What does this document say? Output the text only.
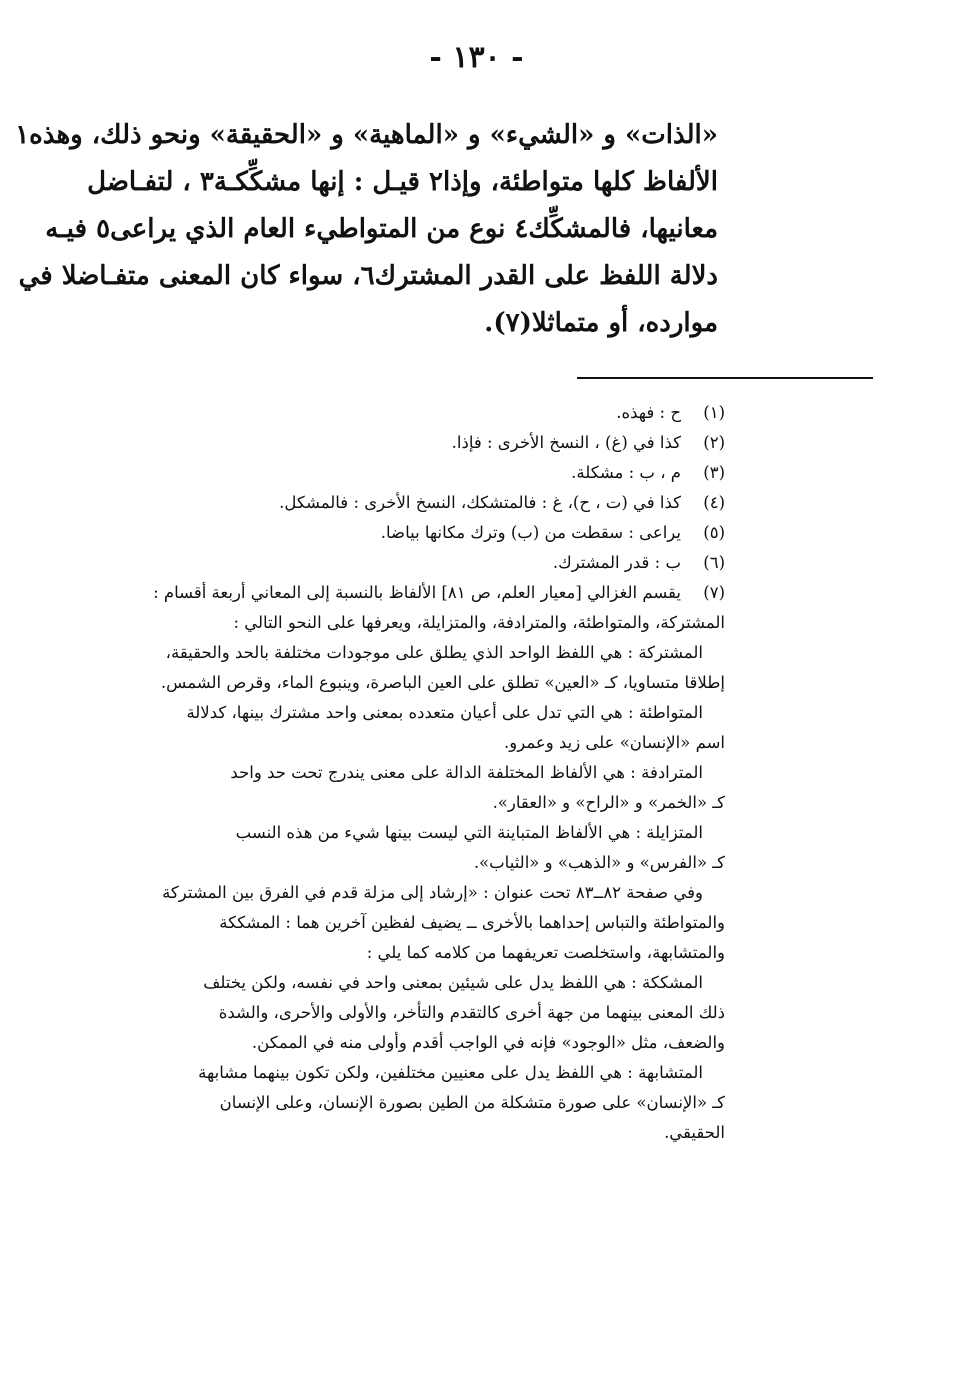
- ١٣٠ -
«الذات» و «الشيء» و «الماهية» و «الحقيقة» ونحو ذلك، وهذه١
الألفاظ كلها متواطئة، وإذا٢ قيـل : إنها مشكِّكـة٣ ، لتفـاضل
معانيها، فالمشكِّك٤ نوع من المتواطيء العام الذي يراعى٥ فيـه
دلالة اللفظ على القدر المشترك٦، سواء كان المعنى متفـاضلا في
موارده، أو متماثلا(٧).
(١)ح : فهذه.
(٢)كذا في (غ) ، النسخ الأخرى : فإذا.
(٣)م ، ب : مشكلة.
(٤)كذا في (ت ، ح)، غ : فالمتشكك، النسخ الأخرى : فالمشكل.
(٥)يراعى : سقطت من (ب) وترك مكانها بياضا.
(٦)ب : قدر المشترك.
(٧)يقسم الغزالي [معيار العلم، ص ٨١] الألفاظ بالنسبة إلى المعاني أربعة أقسام :
المشتركة، والمتواطئة، والمترادفة، والمتزايلة، ويعرفها على النحو التالي :
المشتركة : هي اللفظ الواحد الذي يطلق على موجودات مختلفة بالحد والحقيقة،
إطلاقا متساويا، كـ «العين» تطلق على العين الباصرة، وينبوع الماء، وقرص الشمس.
المتواطئة : هي التي تدل على أعيان متعدده بمعنى واحد مشترك بينها، كدلالة
اسم «الإنسان» على زيد وعمرو.
المترادفة : هي الألفاظ المختلفة الدالة على معنى يندرج تحت حد واحد
كـ «الخمر» و «الراح» و «العقار».
المتزايلة : هي الألفاظ المتباينة التي ليست بينها شيء من هذه النسب
كـ «الفرس» و «الذهب» و «الثياب».
وفي صفحة ٨٢ــ٨٣ تحت عنوان : «إرشاد إلى مزلة قدم في الفرق بين المشتركة
والمتواطئة والتباس إحداهما بالأخرى ــ يضيف لفظين آخرين هما : المشككة
والمتشابهة، واستخلصت تعريفهما من كلامه كما يلي :
المشككة : هي اللفظ يدل على شيئين بمعنى واحد في نفسه، ولكن يختلف
ذلك المعنى بينهما من جهة أخرى كالتقدم والتأخر، والأولى والأحرى، والشدة
والضعف، مثل «الوجود» فإنه في الواجب أقدم وأولى منه في الممكن.
المتشابهة : هي اللفظ يدل على معنيين مختلفين، ولكن تكون بينهما مشابهة
كـ «الإنسان» على صورة متشكلة من الطين بصورة الإنسان، وعلى الإنسان
الحقيقي.
